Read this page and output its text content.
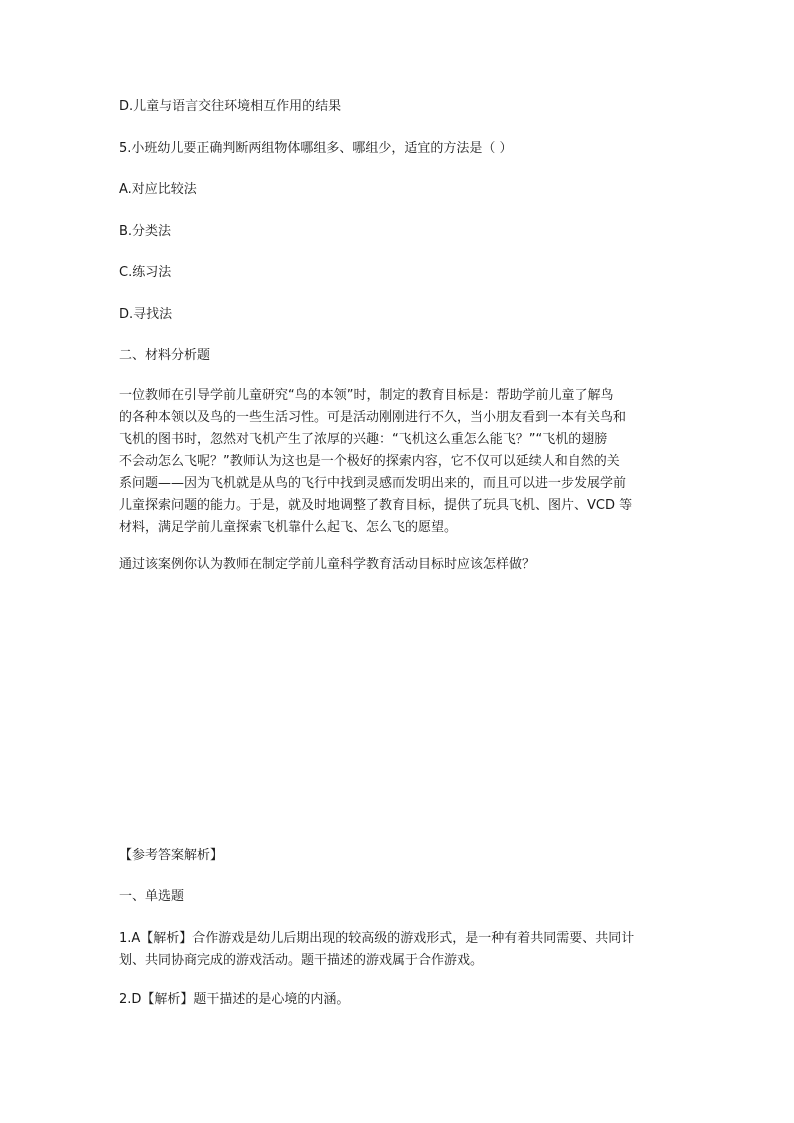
D.儿童与语言交往环境相互作用的结果
5.小班幼儿要正确判断两组物体哪组多、哪组少，适宜的方法是（ ）
A.对应比较法
B.分类法
C.练习法
D.寻找法
二、材料分析题
一位教师在引导学前儿童研究“鸟的本领”时，制定的教育目标是：帮助学前儿童了解鸟
的各种本领以及鸟的一些生活习性。可是活动刚刚进行不久，当小朋友看到一本有关鸟和
飞机的图书时，忽然对飞机产生了浓厚的兴趣：“飞机这么重怎么能飞？”“飞机的翅膀
不会动怎么飞呢？”教师认为这也是一个极好的探索内容，它不仅可以延续人和自然的关
系问题——因为飞机就是从鸟的飞行中找到灵感而发明出来的，而且可以进一步发展学前
儿童探索问题的能力。于是，就及时地调整了教育目标，提供了玩具飞机、图片、VCD 等
材料，满足学前儿童探索飞机靠什么起飞、怎么飞的愿望。
通过该案例你认为教师在制定学前儿童科学教育活动目标时应该怎样做？
【参考答案解析】
一、单选题
1.A【解析】合作游戏是幼儿后期出现的较高级的游戏形式，是一种有着共同需要、共同计
划、共同协商完成的游戏活动。题干描述的游戏属于合作游戏。
2.D【解析】题干描述的是心境的内涵。
